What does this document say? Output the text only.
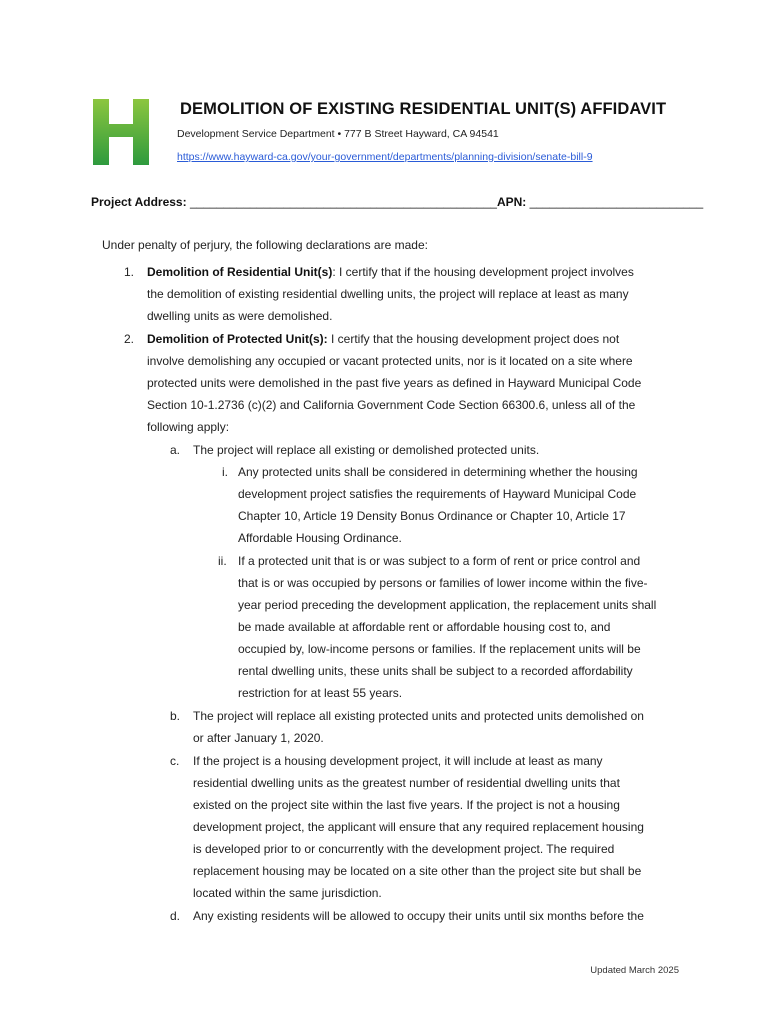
DEMOLITION OF EXISTING RESIDENTIAL UNIT(S) AFFIDAVIT
Development Service Department • 777 B Street Hayward, CA 94541
https://www.hayward-ca.gov/your-government/departments/planning-division/senate-bill-9
Project Address: ______________________________________________APN: __________________________
Under penalty of perjury, the following declarations are made:
1. Demolition of Residential Unit(s): I certify that if the housing development project involves
the demolition of existing residential dwelling units, the project will replace at least as many
dwelling units as were demolished.
2. Demolition of Protected Unit(s): I certify that the housing development project does not
involve demolishing any occupied or vacant protected units, nor is it located on a site where
protected units were demolished in the past five years as defined in Hayward Municipal Code
Section 10-1.2736 (c)(2) and California Government Code Section 66300.6, unless all of the
following apply:
a. The project will replace all existing or demolished protected units.
i. Any protected units shall be considered in determining whether the housing
development project satisfies the requirements of Hayward Municipal Code
Chapter 10, Article 19 Density Bonus Ordinance or Chapter 10, Article 17
Affordable Housing Ordinance.
ii. If a protected unit that is or was subject to a form of rent or price control and
that is or was occupied by persons or families of lower income within the five-
year period preceding the development application, the replacement units shall
be made available at affordable rent or affordable housing cost to, and
occupied by, low-income persons or families. If the replacement units will be
rental dwelling units, these units shall be subject to a recorded affordability
restriction for at least 55 years.
b. The project will replace all existing protected units and protected units demolished on
or after January 1, 2020.
c. If the project is a housing development project, it will include at least as many
residential dwelling units as the greatest number of residential dwelling units that
existed on the project site within the last five years. If the project is not a housing
development project, the applicant will ensure that any required replacement housing
is developed prior to or concurrently with the development project. The required
replacement housing may be located on a site other than the project site but shall be
located within the same jurisdiction.
d. Any existing residents will be allowed to occupy their units until six months before the
Updated March 2025
